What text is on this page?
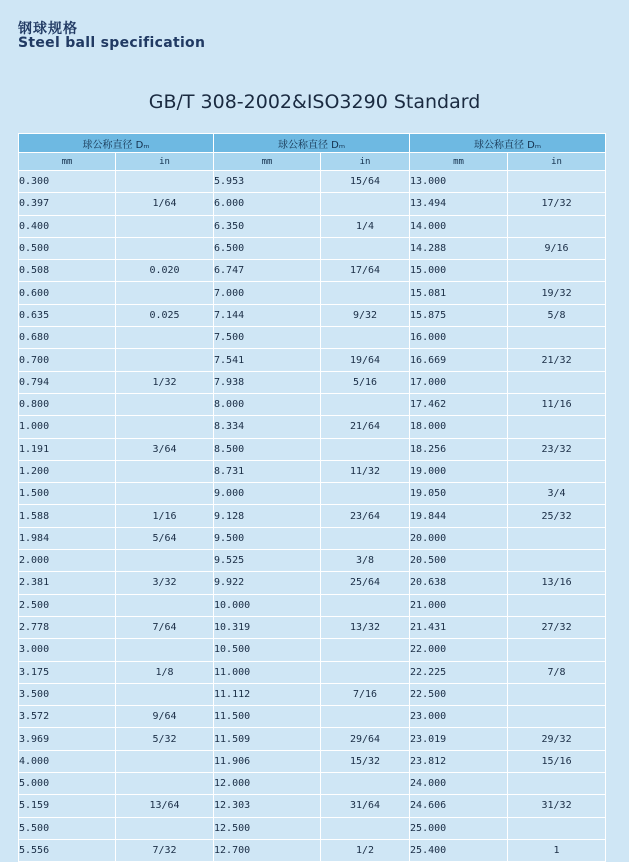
钢球规格
Steel ball specification
GB/T 308-2002&ISO3290 Standard
球公称直径 Dₘ		球公称直径 Dₘ		球公称直径 Dₘ	
mm	in	mm	in	mm	in
0.300		5.953	15/64	13.000	
0.397	1/64	6.000		13.494	17/32
0.400		6.350	1/4	14.000	
0.500		6.500		14.288	9/16
0.508	0.020	6.747	17/64	15.000	
0.600		7.000		15.081	19/32
0.635	0.025	7.144	9/32	15.875	5/8
0.680		7.500		16.000	
0.700		7.541	19/64	16.669	21/32
0.794	1/32	7.938	5/16	17.000	
0.800		8.000		17.462	11/16
1.000		8.334	21/64	18.000	
1.191	3/64	8.500		18.256	23/32
1.200		8.731	11/32	19.000	
1.500		9.000		19.050	3/4
1.588	1/16	9.128	23/64	19.844	25/32
1.984	5/64	9.500		20.000	
2.000		9.525	3/8	20.500	
2.381	3/32	9.922	25/64	20.638	13/16
2.500		10.000		21.000	
2.778	7/64	10.319	13/32	21.431	27/32
3.000		10.500		22.000	
3.175	1/8	11.000		22.225	7/8
3.500		11.112	7/16	22.500	
3.572	9/64	11.500		23.000	
3.969	5/32	11.509	29/64	23.019	29/32
4.000		11.906	15/32	23.812	15/16
5.000		12.000		24.000	
5.159	13/64	12.303	31/64	24.606	31/32
5.500		12.500		25.000	
5.556	7/32	12.700	1/2	25.400	1
